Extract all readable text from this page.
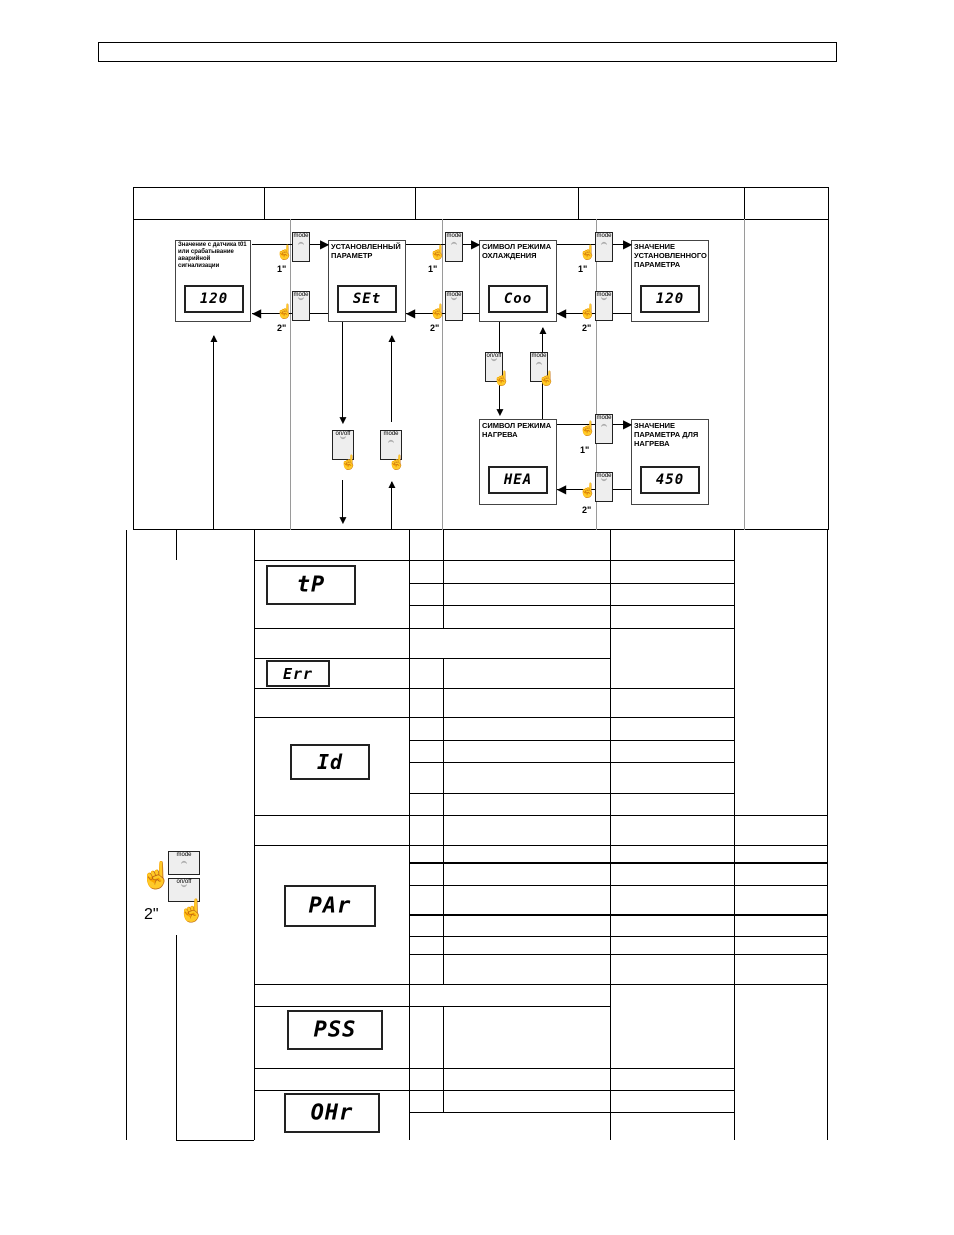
Значение с датчика t01 или срабатывание аварийной сигнализации
120
УСТАНОВЛЕННЫЙ ПАРАМЕТР
SEt
СИМВОЛ РЕЖИМА ОХЛАЖДЕНИЯ
Coo
ЗНАЧЕНИЕ УСТАНОВЛЕННОГО ПАРАМЕТРА
120
СИМВОЛ РЕЖИМА НАГРЕВА
HEA
ЗНАЧЕНИЕ ПАРАМЕТРА ДЛЯ НАГРЕВА
450
▶
◀
▶
◀
▶
◀
▶
◀
▲
▼
▼
▲
▲
▼
▲
mode
︽
☝
1"
mode
︾
☝
2"
mode
︽
☝
1"
mode
︾
☝
2"
mode
︽
☝
1"
mode
︾
☝
2"
on/off
︾
☝
mode
︽
☝
on/off
︾
☝
mode
︽
☝
mode
︽
☝
1"
mode
︾
☝
2"
tP
Err
Id
PAr
PSS
OHr
mode
︽
on/off
︾
☝
☝
2"
